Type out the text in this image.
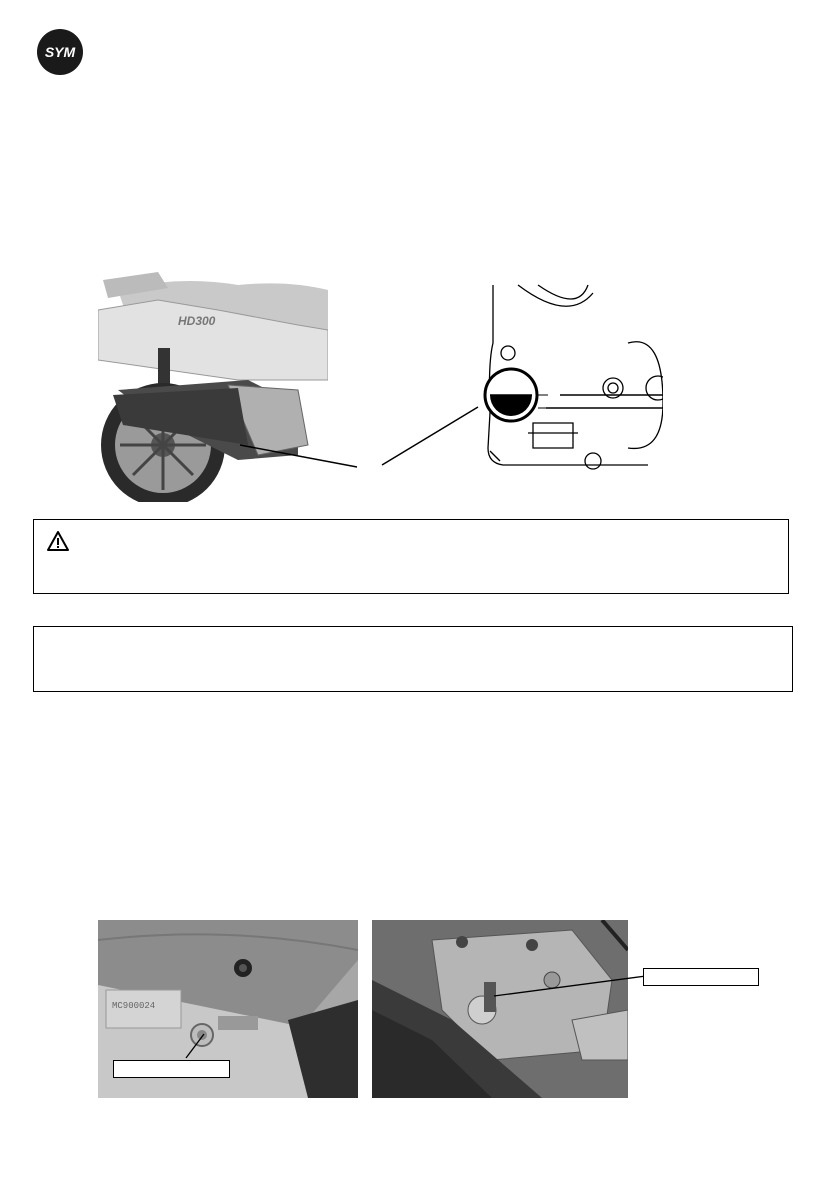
SYM
HD300
MC900024
